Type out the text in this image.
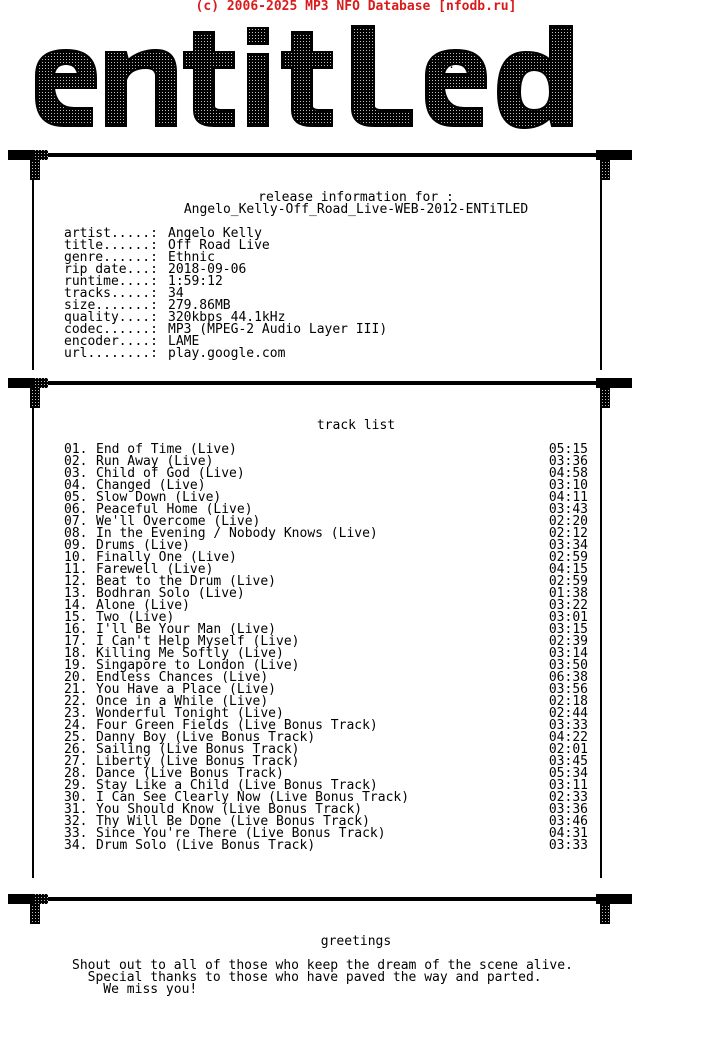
(c) 2006-2025 MP3 NFO Database [nfodb.ru]
hX!
release information for :
Angelo_Kelly-Off_Road_Live-WEB-2012-ENTiTLED
artist.....: Angelo Kelly
title......: Off Road Live
genre......: Ethnic
rip date...: 2018-09-06
runtime....: 1:59:12
tracks.....: 34
size.......: 279.86MB
quality....: 320kbps 44.1kHz
codec......: MP3 (MPEG-2 Audio Layer III)
encoder....: LAME
url........: play.google.com
track list
01. End of Time (Live)	05:15
02. Run Away (Live)	03:36
03. Child of God (Live)	04:58
04. Changed (Live)	03:10
05. Slow Down (Live)	04:11
06. Peaceful Home (Live)	03:43
07. We'll Overcome (Live)	02:20
08. In the Evening / Nobody Knows (Live)	02:12
09. Drums (Live)	03:34
10. Finally One (Live)	02:59
11. Farewell (Live)	04:15
12. Beat to the Drum (Live)	02:59
13. Bodhran Solo (Live)	01:38
14. Alone (Live)	03:22
15. Two (Live)	03:01
16. I'll Be Your Man (Live)	03:15
17. I Can't Help Myself (Live)	02:39
18. Killing Me Softly (Live)	03:14
19. Singapore to London (Live)	03:50
20. Endless Chances (Live)	06:38
21. You Have a Place (Live)	03:56
22. Once in a While (Live)	02:18
23. Wonderful Tonight (Live)	02:44
24. Four Green Fields (Live Bonus Track)	03:33
25. Danny Boy (Live Bonus Track)	04:22
26. Sailing (Live Bonus Track)	02:01
27. Liberty (Live Bonus Track)	03:45
28. Dance (Live Bonus Track)	05:34
29. Stay Like a Child (Live Bonus Track)	03:11
30. I Can See Clearly Now (Live Bonus Track)	02:33
31. You Should Know (Live Bonus Track)	03:36
32. Thy Will Be Done (Live Bonus Track)	03:46
33. Since You're There (Live Bonus Track)	04:31
34. Drum Solo (Live Bonus Track)	03:33
greetings
Shout out to all of those who keep the dream of the scene alive.
Special thanks to those who have paved the way and parted.
We miss you!
